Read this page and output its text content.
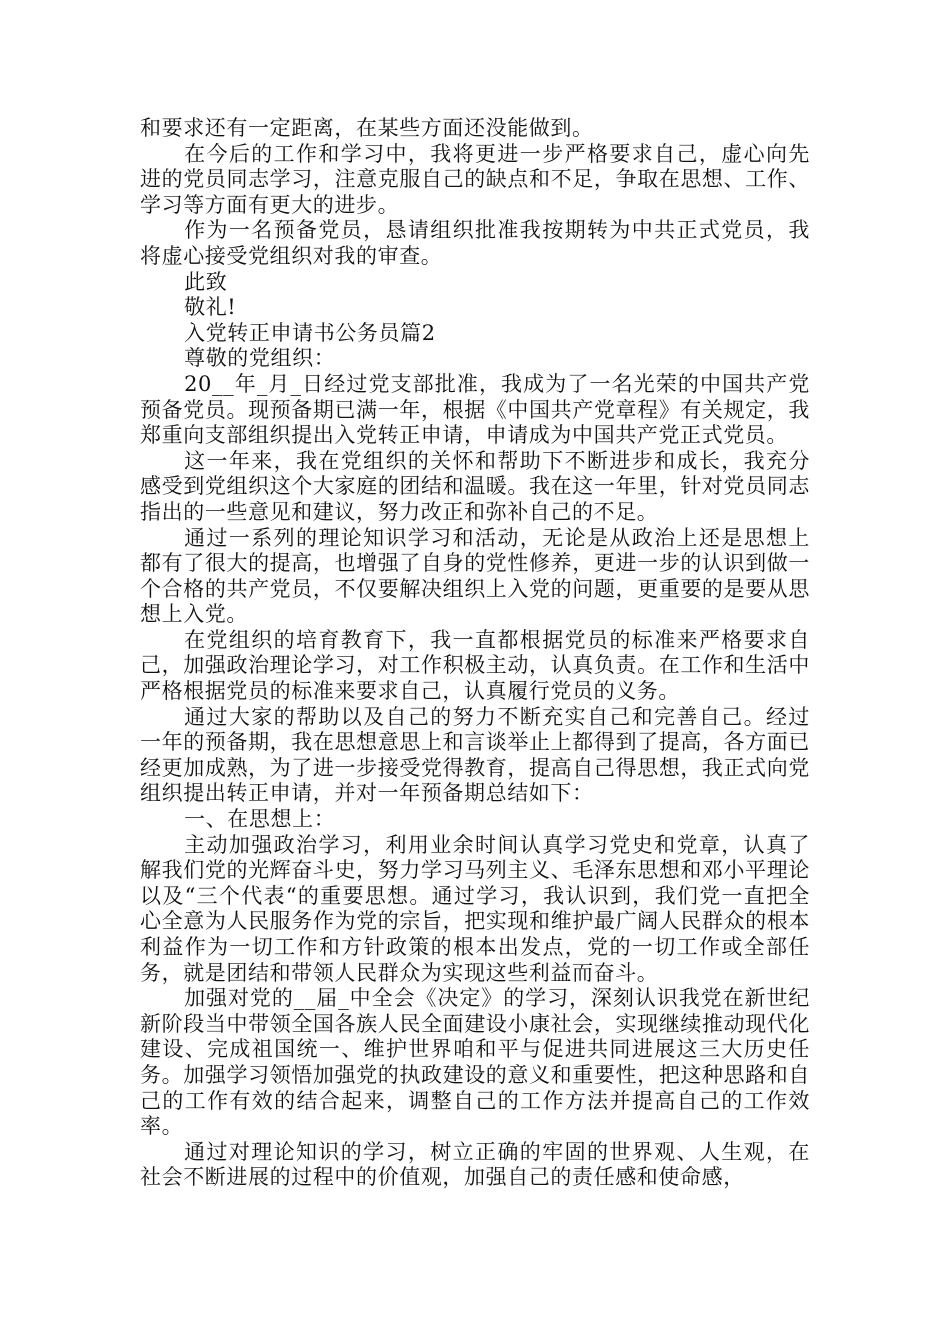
和要求还有一定距离，在某些方面还没能做到。

在今后的工作和学习中，我将更进一步严格要求自己，虚心向先进的党员同志学习，注意克服自己的缺点和不足，争取在思想、工作、学习等方面有更大的进步。

作为一名预备党员，恳请组织批准我按期转为中共正式党员，我将虚心接受党组织对我的审查。

此致

敬礼!

入党转正申请书公务员篇2

尊敬的党组织：

20__年_月_日经过党支部批准，我成为了一名光荣的中国共产党预备党员。现预备期已满一年，根据《中国共产党章程》有关规定，我郑重向支部组织提出入党转正申请，申请成为中国共产党正式党员。

这一年来，我在党组织的关怀和帮助下不断进步和成长，我充分感受到党组织这个大家庭的团结和温暖。我在这一年里，针对党员同志指出的一些意见和建议，努力改正和弥补自己的不足。

通过一系列的理论知识学习和活动，无论是从政治上还是思想上都有了很大的提高，也增强了自身的党性修养，更进一步的认识到做一个合格的共产党员，不仅要解决组织上入党的问题，更重要的是要从思想上入党。

在党组织的培育教育下，我一直都根据党员的标准来严格要求自己，加强政治理论学习，对工作积极主动，认真负责。在工作和生活中严格根据党员的标准来要求自己，认真履行党员的义务。

通过大家的帮助以及自己的努力不断充实自己和完善自己。经过一年的预备期，我在思想意思上和言谈举止上都得到了提高，各方面已经更加成熟，为了进一步接受党得教育，提高自己得思想，我正式向党组织提出转正申请，并对一年预备期总结如下：

一、在思想上：

主动加强政治学习，利用业余时间认真学习党史和党章，认真了解我们党的光辉奋斗史，努力学习马列主义、毛泽东思想和邓小平理论以及“三个代表“的重要思想。通过学习，我认识到，我们党一直把全心全意为人民服务作为党的宗旨，把实现和维护最广阔人民群众的根本利益作为一切工作和方针政策的根本出发点，党的一切工作或全部任务，就是团结和带领人民群众为实现这些利益而奋斗。

加强对党的__届_中全会《决定》的学习，深刻认识我党在新世纪新阶段当中带领全国各族人民全面建设小康社会，实现继续推动现代化建设、完成祖国统一、维护世界咱和平与促进共同进展这三大历史任务。加强学习领悟加强党的执政建设的意义和重要性，把这种思路和自己的工作有效的结合起来，调整自己的工作方法并提高自己的工作效率。

通过对理论知识的学习，树立正确的牢固的世界观、人生观，在社会不断进展的过程中的价值观，加强自己的责任感和使命感，
